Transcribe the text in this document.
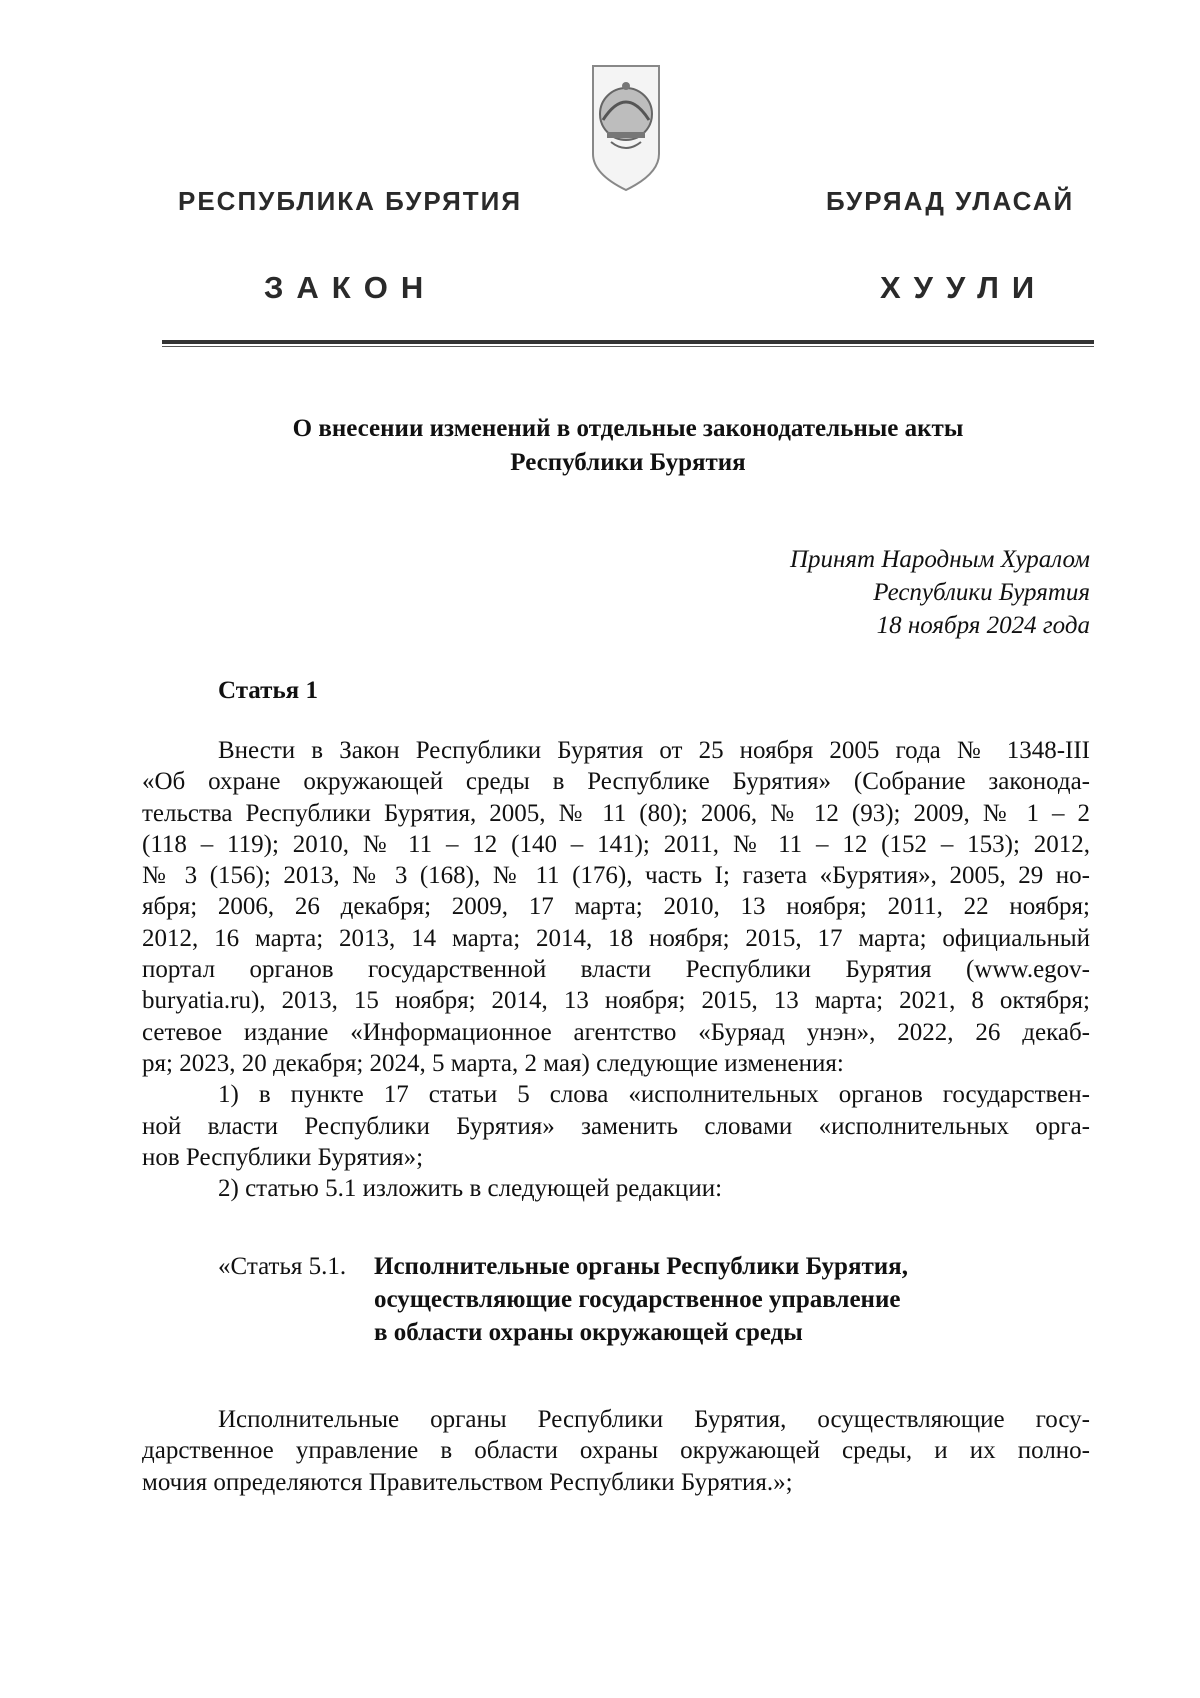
РЕСПУБЛИКА БУРЯТИЯ	БУРЯАД УЛАСАЙ
ЗАКОН	ХУУЛИ
О внесении изменений в отдельные законодательные акты
Республики Бурятия
Принят Народным Хуралом
Республики Бурятия
18 ноября 2024 года
Статья 1
Внести в Закон Республики Бурятия от 25 ноября 2005 года № 1348-III
«Об охране окружающей среды в Республике Бурятия» (Собрание законода-
тельства Республики Бурятия, 2005, № 11 (80); 2006, № 12 (93); 2009, № 1 – 2
(118 – 119); 2010, № 11 – 12 (140 – 141); 2011, № 11 – 12 (152 – 153); 2012,
№ 3 (156); 2013, № 3 (168), № 11 (176), часть I; газета «Бурятия», 2005, 29 но-
ября; 2006, 26 декабря; 2009, 17 марта; 2010, 13 ноября; 2011, 22 ноября;
2012, 16 марта; 2013, 14 марта; 2014, 18 ноября; 2015, 17 марта; официальный
портал органов государственной власти Республики Бурятия (www.egov-
buryatia.ru), 2013, 15 ноября; 2014, 13 ноября; 2015, 13 марта; 2021, 8 октября;
сетевое издание «Информационное агентство «Буряад унэн», 2022, 26 декаб-
ря; 2023, 20 декабря; 2024, 5 марта, 2 мая) следующие изменения:
1) в пункте 17 статьи 5 слова «исполнительных органов государствен-
ной власти Республики Бурятия» заменить словами «исполнительных орга-
нов Республики Бурятия»;
2) статью 5.1 изложить в следующей редакции:
«Статья 5.1. Исполнительные органы Республики Бурятия,
осуществляющие государственное управление
в области охраны окружающей среды
Исполнительные органы Республики Бурятия, осуществляющие госу-
дарственное управление в области охраны окружающей среды, и их полно-
мочия определяются Правительством Республики Бурятия.»;
